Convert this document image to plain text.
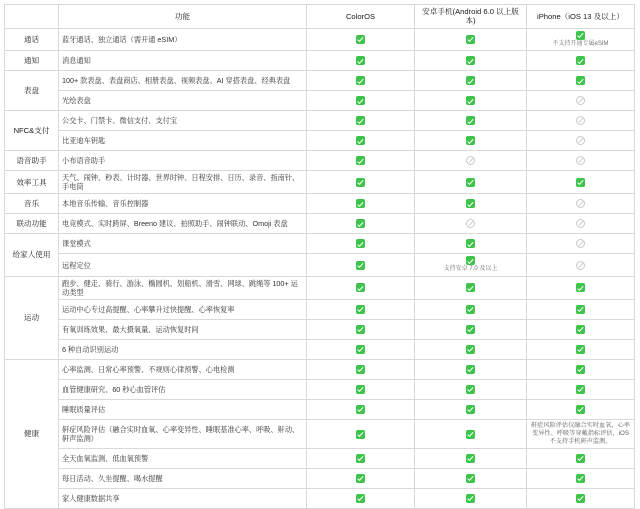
	功能	ColorOS	安卓手机(Android 6.0 以上版本)	iPhone（iOS 13 及以上）
通话	蓝牙通话、独立通话（需开通 eSIM）			不支持开通专属eSIM

通知	消息通知	

表盘	100+ 款表盘、表盘商店、相册表盘、视频表盘、AI 穿搭表盘、经典表盘	

	光绘表盘	

NFC&支付	公交卡、门禁卡、微信支付、支付宝	

	比亚迪车钥匙	

语音助手	小布语音助手	

效率工具	天气、闹钟、秒表、计时器、世界时钟、日程安排、日历、录音、指南针、手电筒	

音乐	本地音乐传输、音乐控制器	

联动功能	电竞模式、实时跨屏、Breeno 建议、拍照助手、闹钟联动、Omoji 表盘	

给家人使用	课堂模式	

	远程定位		支持安卓 7.0 及以上	

运动	跑步、健走、骑行、游泳、椭圆机、划船机、滑雪、网球、跳绳等 100+ 运动类型	

	运动中心专过高提醒、心率攀升过快提醒、心率恢复率	

	有氧训练效果、最大摄氧量、运动恢复时间	

	6 种自动识别运动	

健康	心率监测、日常心率预警、不规则心律预警、心电检测	

	血管健康研究、60 秒心血管评估	

	睡眠质量评估	

	鼾症风险评估（融合实时血氧、心率变异性、睡眠基准心率、呼吸、鼾动、鼾声监测）			鼾症风险评估仅融合实时血氧、心率变异性、呼吸等穿戴指标评估，iOS 不支持手机鼾声监测。

	全天血氧监测、低血氧预警	

	每日活动、久坐提醒、喝水提醒	

	家人健康数据共享	
